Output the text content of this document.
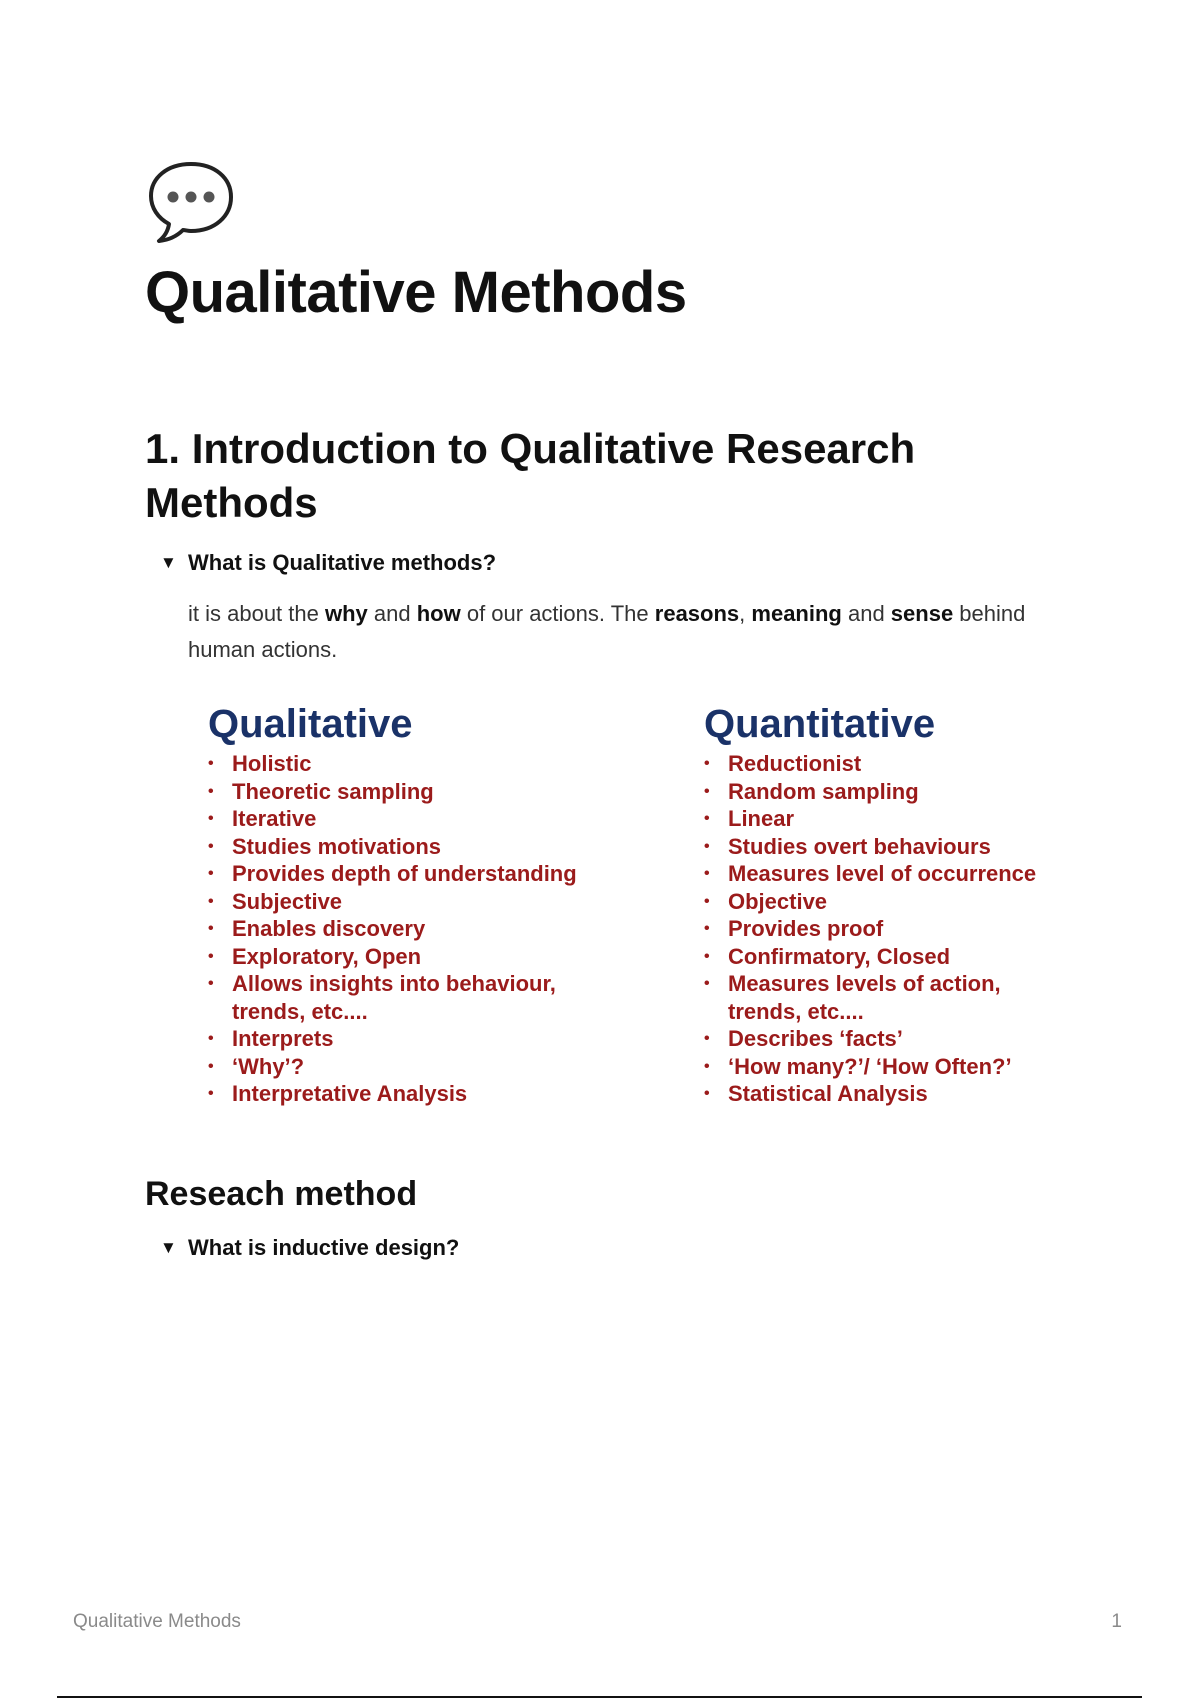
Qualitative Methods
1. Introduction to Qualitative Research Methods
▼ What is Qualitative methods?

it is about the why and how of our actions. The reasons, meaning and sense behind human actions.

Qualitative
• Holistic
• Theoretic sampling
• Iterative
• Studies motivations
• Provides depth of understanding
• Subjective
• Enables discovery
• Exploratory, Open
• Allows insights into behaviour,
trends, etc....
• Interprets
• ‘Why’?
• Interpretative Analysis
Quantitative
• Reductionist
• Random sampling
• Linear
• Studies overt behaviours
• Measures level of occurrence
• Objective
• Provides proof
• Confirmatory, Closed
• Measures levels of action,
trends, etc....
• Describes ‘facts’
• ‘How many?’/ ‘How Often?’
• Statistical Analysis
Reseach method
▼ What is inductive design?
Qualitative Methods	1
